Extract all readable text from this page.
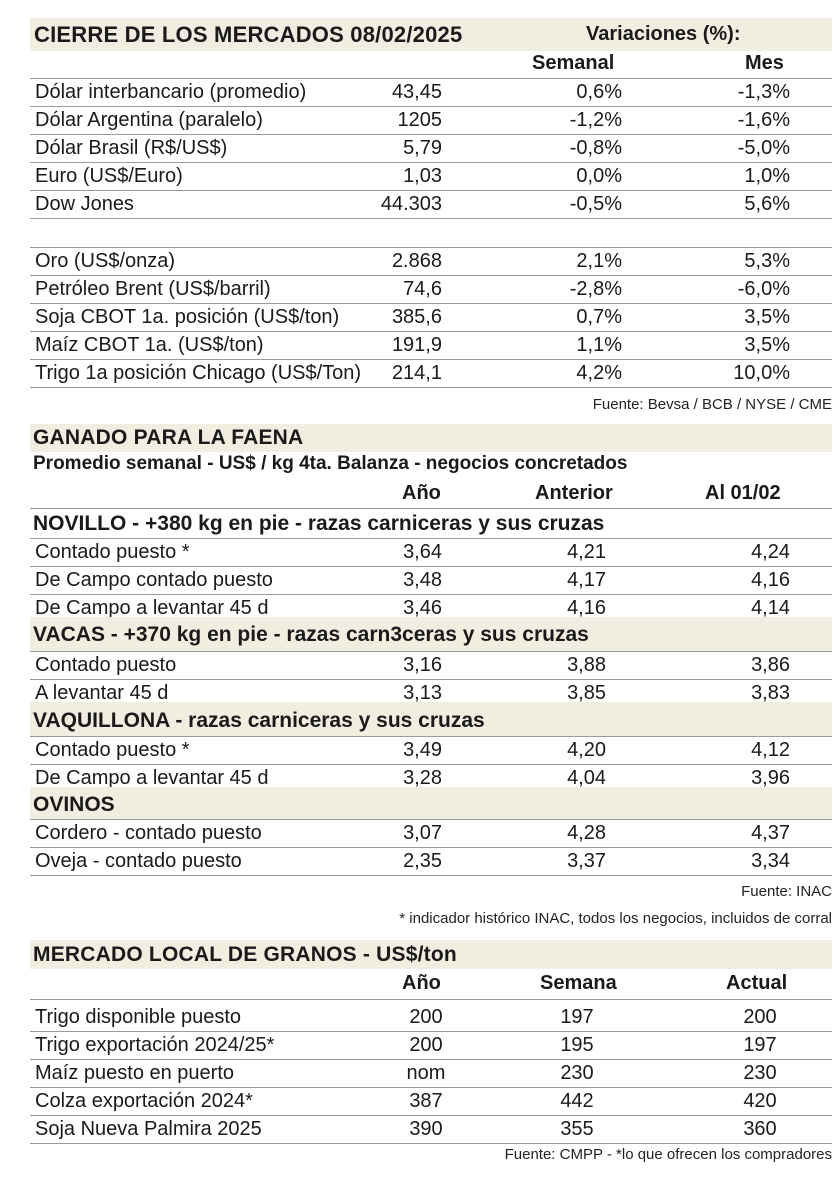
CIERRE DE LOS MERCADOS 08/02/2025	Variaciones (%):
Semanal	Mes
Dólar interbancario (promedio)	43,45	0,6%	-1,3%
Dólar Argentina (paralelo)	1205	-1,2%	-1,6%
Dólar Brasil (R$/US$)	5,79	-0,8%	-5,0%
Euro (US$/Euro)	1,03	0,0%	1,0%
Dow Jones	44.303	-0,5%	5,6%
Oro (US$/onza)	2.868	2,1%	5,3%
Petróleo Brent (US$/barril)	74,6	-2,8%	-6,0%
Soja CBOT 1a. posición (US$/ton)	385,6	0,7%	3,5%
Maíz CBOT 1a. (US$/ton)	191,9	1,1%	3,5%
Trigo 1a posición Chicago (US$/Ton) 214,1	4,2%	10,0%
Fuente: Bevsa / BCB / NYSE / CME
GANADO PARA LA FAENA
Promedio semanal - US$ / kg 4ta. Balanza - negocios concretados
Año	Anterior	Al 01/02
NOVILLO - +380 kg en pie - razas carniceras y sus cruzas
Contado puesto *	3,64	4,21	4,24
De Campo contado puesto	3,48	4,17	4,16
De Campo a levantar 45 d	3,46	4,16	4,14
VACAS - +370 kg en pie - razas carn3ceras y sus cruzas
Contado puesto	3,16	3,88	3,86
A levantar 45 d	3,13	3,85	3,83
VAQUILLONA - razas carniceras y sus cruzas
Contado puesto *	3,49	4,20	4,12
De Campo a levantar 45 d	3,28	4,04	3,96
OVINOS
Cordero - contado puesto	3,07	4,28	4,37
Oveja - contado puesto	2,35	3,37	3,34
Fuente: INAC
* indicador histórico INAC, todos los negocios, incluidos de corral
MERCADO LOCAL DE GRANOS - US$/ton
Año	Semana	Actual
Trigo disponible puesto	200	197	200
Trigo exportación 2024/25*	200	195	197
Maíz puesto en puerto	nom	230	230
Colza exportación 2024*	387	442	420
Soja Nueva Palmira 2025	390	355	360
Fuente: CMPP - *lo que ofrecen los compradores
